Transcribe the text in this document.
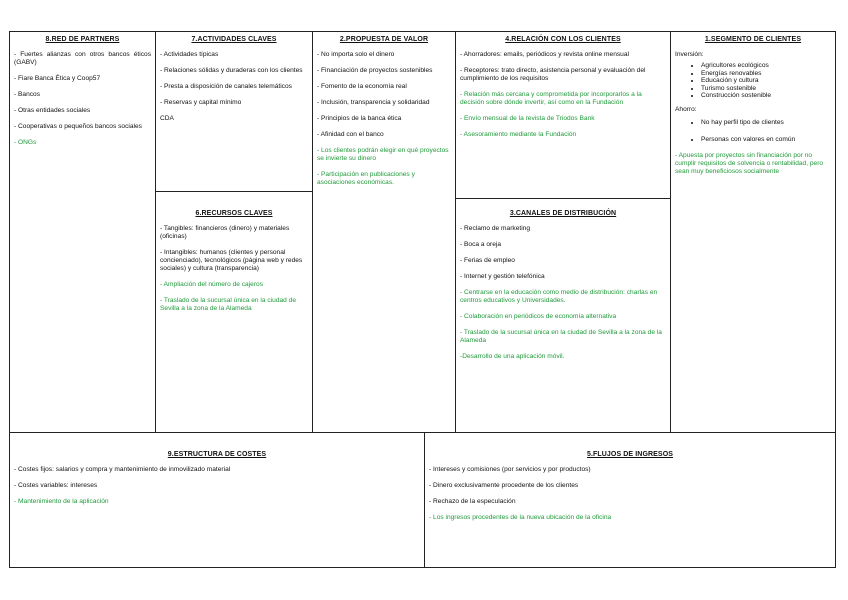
8.RED DE PARTNERS
- Fuertes alianzas con otros bancos éticos (GABV)
- Fiare Banca Ética y Coop57
- Bancos
- Otras entidades sociales
- Cooperativas o pequeños bancos sociales
- ONGs
7.ACTIVIDADES CLAVES
- Actividades típicas
- Relaciones sólidas y duraderas con los clientes
- Presta a disposición de canales telemáticos
- Reservas y capital mínimo
CDA
6.RECURSOS CLAVES
- Tangibles: financieros (dinero) y materiales (oficinas)
- Intangibles: humanos (clientes y personal concienciado), tecnológicos (página web y redes sociales) y cultura (transparencia)
- Ampliación del número de cajeros
- Traslado de la sucursal única en la ciudad de Sevilla a la zona de la Alameda
2.PROPUESTA DE VALOR
- No importa solo el dinero
- Financiación de proyectos sostenibles
- Fomento de la economía real
- Inclusión, transparencia y solidaridad
- Principios de la banca ética
- Afinidad con el banco
- Los clientes podrán elegir en qué proyectos se invierte su dinero
- Participación en publicaciones y asociaciones económicas.
4.RELACIÓN CON LOS CLIENTES
- Ahorradores: emails, periódicos y revista online mensual
- Receptores: trato directo, asistencia personal y evaluación del cumplimiento de los requisitos
- Relación más cercana y comprometida por incorporarlos a la decisión sobre dónde invertir, así como en la Fundación
- Envío mensual de la revista de Triodos Bank
- Asesoramiento mediante la Fundación
3.CANALES DE DISTRIBUCIÓN
- Reclamo de marketing
- Boca a oreja
- Ferias de empleo
- Internet y gestión telefónica
- Centrarse en la educación como medio de distribución: charlas en centros educativos y Universidades.
- Colaboración en periódicos de economía alternativa
- Traslado de la sucursal única en la ciudad de Sevilla a la zona de la Alameda
-Desarrollo de una aplicación móvil.
1.SEGMENTO DE CLIENTES
Inversión:
• Agricultores ecológicos
• Energías renovables
• Educación y cultura
• Turismo sostenible
• Construcción sostenible
Ahorro:
• No hay perfil tipo de clientes
• Personas con valores en común
- Apuesta por proyectos sin financiación por no cumplir requisitos de solvencia o rentabilidad, pero sean muy beneficiosos socialmente
9.ESTRUCTURA DE COSTES
- Costes fijos: salarios y compra y mantenimiento de inmovilizado material
- Costes variables: intereses
- Mantenimiento de la aplicación
5.FLUJOS DE INGRESOS
- Intereses y comisiones (por servicios y por productos)
- Dinero exclusivamente procedente de los clientes
- Rechazo de la especulación
- Los ingresos procedentes de la nueva ubicación de la oficina
